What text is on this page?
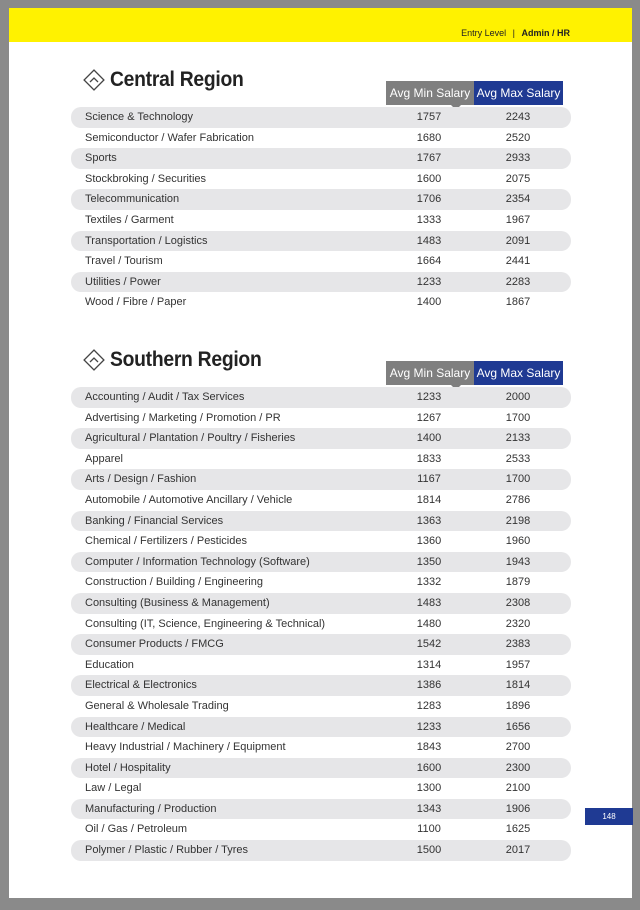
Entry Level | Admin / HR
Central Region
Avg Min Salary Avg Max Salary
Science & Technology	1757	2243
Semiconductor / Wafer Fabrication	1680	2520
Sports	1767	2933
Stockbroking / Securities	1600	2075
Telecommunication	1706	2354
Textiles / Garment	1333	1967
Transportation / Logistics	1483	2091
Travel / Tourism	1664	2441
Utilities / Power	1233	2283
Wood / Fibre / Paper	1400	1867
Southern Region
Avg Min Salary Avg Max Salary
Accounting / Audit / Tax Services	1233	2000
Advertising / Marketing / Promotion / PR	1267	1700
Agricultural / Plantation / Poultry / Fisheries	1400	2133
Apparel	1833	2533
Arts / Design / Fashion	1167	1700
Automobile / Automotive Ancillary / Vehicle	1814	2786
Banking / Financial Services	1363	2198
Chemical / Fertilizers / Pesticides	1360	1960
Computer / Information Technology (Software)	1350	1943
Construction / Building / Engineering	1332	1879
Consulting (Business & Management)	1483	2308
Consulting (IT, Science, Engineering & Technical)	1480	2320
Consumer Products / FMCG	1542	2383
Education	1314	1957
Electrical & Electronics	1386	1814
General & Wholesale Trading	1283	1896
Healthcare / Medical	1233	1656
Heavy Industrial / Machinery / Equipment	1843	2700
Hotel / Hospitality	1600	2300
Law / Legal	1300	2100
Manufacturing / Production	1343	1906
Oil / Gas / Petroleum	1100	1625
Polymer / Plastic / Rubber / Tyres	1500	2017
148
